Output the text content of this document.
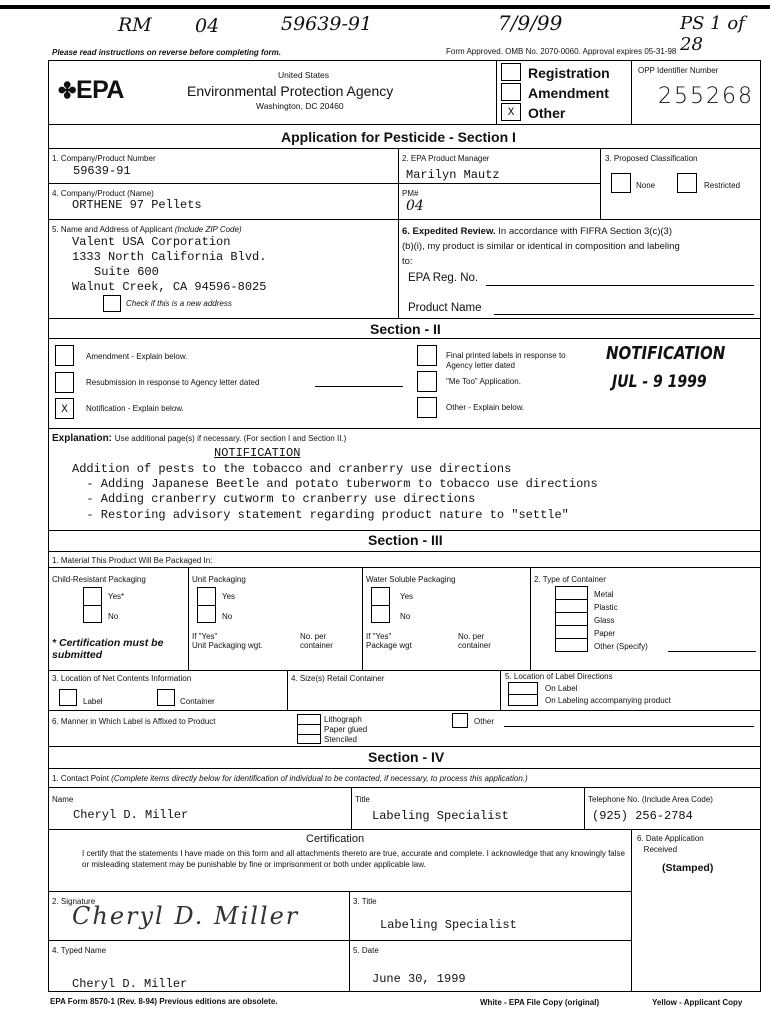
RM 04	59639-91	7/9/99	PS 1 of 28
Please read instructions on reverse before completing form.	Form Approved. OMB No. 2070-0060. Approval expires 05-31-98
✤EPA
United States
Environmental Protection Agency
Washington, DC 20460
X
Registration
Amendment
Other
OPP Identifier Number
255268
Application for Pesticide - Section I
1. Company/Product Number
59639-91
2. EPA Product Manager
Marilyn Mautz
3. Proposed Classification
None	Restricted
4. Company/Product (Name)
ORTHENE 97 Pellets
PM#
04
5. Name and Address of Applicant (Include ZIP Code)
Valent USA Corporation
1333 North California Blvd.
Suite 600
Walnut Creek, CA 94596-8025
Check if this is a new address
6. Expedited Review. In accordance with FIFRA Section 3(c)(3)
(b)(i), my product is similar or identical in composition and labeling
to:
EPA Reg. No.
Product Name
Section - II
Amendment - Explain below.
Resubmission in response to Agency letter dated
X	Notification - Explain below.
Final printed labels in response to
Agency letter dated
"Me Too" Application.
Other - Explain below.
NOTIFICATION
JUL - 9 1999
Explanation: Use additional page(s) if necessary. (For section I and Section II.)
NOTIFICATION
Addition of pests to the tobacco and cranberry use directions
- Adding Japanese Beetle and potato tuberworm to tobacco use directions
- Adding cranberry cutworm to cranberry use directions
- Restoring advisory statement regarding product nature to "settle"
Section - III
1. Material This Product Will Be Packaged In:
Child-Resistant Packaging
Yes*
No
* Certification must be submitted
Unit Packaging
Yes
No
If "Yes"
Unit Packaging wgt.
No. per
container
Water Soluble Packaging
Yes
No
If "Yes"
Package wgt
No. per
container
2. Type of Container
Metal
Plastic
Glass
Paper
Other (Specify)
3. Location of Net Contents Information
Label	Container
4. Size(s) Retail Container	5. Location of Label Directions
On Label
On Labeling accompanying product
6. Manner in Which Label is Affixed to Product	Lithograph
Paper glued
Stenciled
Other
Section - IV
1. Contact Point (Complete items directly below for identification of individual to be contacted, if necessary, to process this application.)
Name
Cheryl D. Miller
Title
Labeling Specialist
Telephone No. (Include Area Code)
(925) 256-2784
Certification
I certify that the statements I have made on this form and all attachments thereto are true, accurate and complete. I acknowledge that any knowingly false or misleading statement may be punishable by fine or imprisonment or both under applicable law.
6. Date Application
Received
(Stamped)
2. Signature
Cheryl D. Miller
3. Title
Labeling Specialist
4. Typed Name
Cheryl D. Miller
5. Date
June 30, 1999
EPA Form 8570-1 (Rev. 8-94) Previous editions are obsolete.	White - EPA File Copy (original)	Yellow - Applicant Copy
